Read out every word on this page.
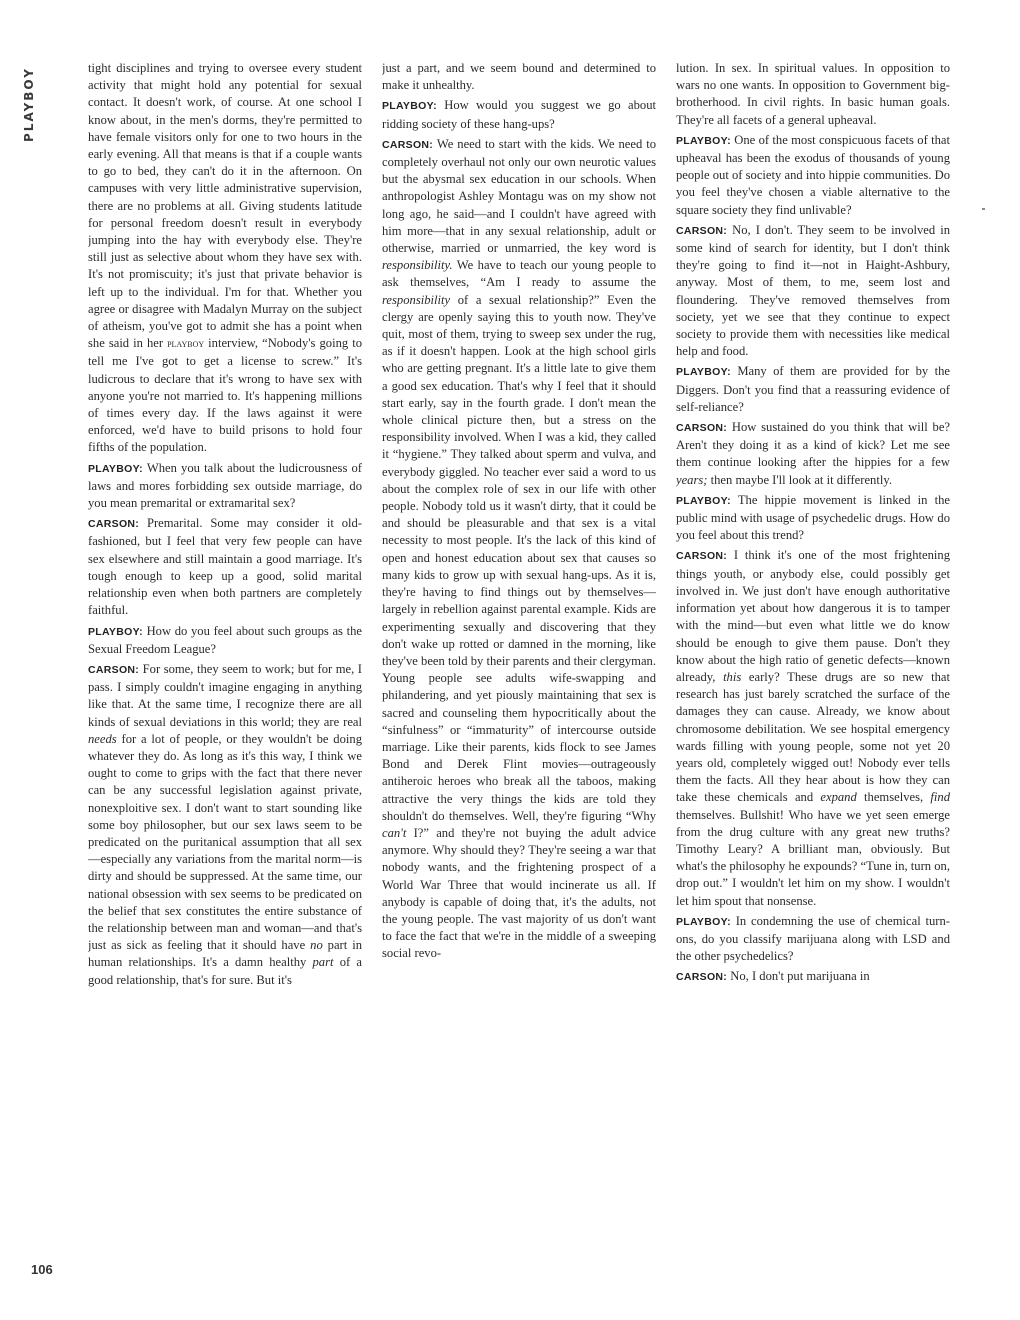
PLAYBOY	tight disciplines and trying to oversee every student activity that might hold any potential for sexual contact. It doesn't work, of course. At one school I know about, in the men's dorms, they're permitted to have female visitors only for one to two hours in the early evening. All that means is that if a couple wants to go to bed, they can't do it in the afternoon. On campuses with very little administrative supervision, there are no problems at all. Giving students latitude for personal freedom doesn't result in everybody jumping into the hay with everybody else. They're still just as selective about whom they have sex with. It's not promiscuity; it's just that private behavior is left up to the individual. I'm for that. Whether you agree or disagree with Madalyn Murray on the subject of atheism, you've got to admit she has a point when she said in her playboy interview, “Nobody's going to tell me I've got to get a license to screw.” It's ludicrous to declare that it's wrong to have sex with anyone you're not married to. It's happening millions of times every day. If the laws against it were enforced, we'd have to build prisons to hold four fifths of the population.

PLAYBOY: When you talk about the ludicrousness of laws and mores forbidding sex outside marriage, do you mean premarital or extramarital sex?

CARSON: Premarital. Some may consider it old-fashioned, but I feel that very few people can have sex elsewhere and still maintain a good marriage. It's tough enough to keep up a good, solid marital relationship even when both partners are completely faithful.

PLAYBOY: How do you feel about such groups as the Sexual Freedom League?

CARSON: For some, they seem to work; but for me, I pass. I simply couldn't imagine engaging in anything like that. At the same time, I recognize there are all kinds of sexual deviations in this world; they are real needs for a lot of people, or they wouldn't be doing whatever they do. As long as it's this way, I think we ought to come to grips with the fact that there never can be any successful legislation against private, nonexploitive sex. I don't want to start sounding like some boy philosopher, but our sex laws seem to be predicated on the puritanical assumption that all sex—especially any variations from the marital norm—is dirty and should be suppressed. At the same time, our national obsession with sex seems to be predicated on the belief that sex constitutes the entire substance of the relationship between man and woman—and that's just as sick as feeling that it should have no part in human relationships. It's a damn healthy part of a good relationship, that's for sure. But it's

just a part, and we seem bound and determined to make it unhealthy.

PLAYBOY: How would you suggest we go about ridding society of these hang-ups?

CARSON: We need to start with the kids. We need to completely overhaul not only our own neurotic values but the abysmal sex education in our schools. When anthropologist Ashley Montagu was on my show not long ago, he said—and I couldn't have agreed with him more—that in any sexual relationship, adult or otherwise, married or unmarried, the key word is responsibility. We have to teach our young people to ask themselves, “Am I ready to assume the responsibility of a sexual relationship?” Even the clergy are openly saying this to youth now. They've quit, most of them, trying to sweep sex under the rug, as if it doesn't happen. Look at the high school girls who are getting pregnant. It's a little late to give them a good sex education. That's why I feel that it should start early, say in the fourth grade. I don't mean the whole clinical picture then, but a stress on the responsibility involved. When I was a kid, they called it “hygiene.” They talked about sperm and vulva, and everybody giggled. No teacher ever said a word to us about the complex role of sex in our life with other people. Nobody told us it wasn't dirty, that it could be and should be pleasurable and that sex is a vital necessity to most people. It's the lack of this kind of open and honest education about sex that causes so many kids to grow up with sexual hang-ups. As it is, they're having to find things out by themselves—largely in rebellion against parental example. Kids are experimenting sexually and discovering that they don't wake up rotted or damned in the morning, like they've been told by their parents and their clergyman. Young people see adults wife-swapping and philandering, and yet piously maintaining that sex is sacred and counseling them hypocritically about the “sinfulness” or “immaturity” of intercourse outside marriage. Like their parents, kids flock to see James Bond and Derek Flint movies—outrageously antiheroic heroes who break all the taboos, making attractive the very things the kids are told they shouldn't do themselves. Well, they're figuring “Why can't I?” and they're not buying the adult advice anymore. Why should they? They're seeing a war that nobody wants, and the frightening prospect of a World War Three that would incinerate us all. If anybody is capable of doing that, it's the adults, not the young people. The vast majority of us don't want to face the fact that we're in the middle of a sweeping social revo-

lution. In sex. In spiritual values. In opposition to wars no one wants. In opposition to Government big-brotherhood. In civil rights. In basic human goals. They're all facets of a general upheaval.

PLAYBOY: One of the most conspicuous facets of that upheaval has been the exodus of thousands of young people out of society and into hippie communities. Do you feel they've chosen a viable alternative to the square society they find unlivable?

CARSON: No, I don't. They seem to be involved in some kind of search for identity, but I don't think they're going to find it—not in Haight-Ashbury, anyway. Most of them, to me, seem lost and floundering. They've removed themselves from society, yet we see that they continue to expect society to provide them with necessities like medical help and food.

PLAYBOY: Many of them are provided for by the Diggers. Don't you find that a reassuring evidence of self-reliance?

CARSON: How sustained do you think that will be? Aren't they doing it as a kind of kick? Let me see them continue looking after the hippies for a few years; then maybe I'll look at it differently.

PLAYBOY: The hippie movement is linked in the public mind with usage of psychedelic drugs. How do you feel about this trend?

CARSON: I think it's one of the most frightening things youth, or anybody else, could possibly get involved in. We just don't have enough authoritative information yet about how dangerous it is to tamper with the mind—but even what little we do know should be enough to give them pause. Don't they know about the high ratio of genetic defects—known already, this early? These drugs are so new that research has just barely scratched the surface of the damages they can cause. Already, we know about chromosome debilitation. We see hospital emergency wards filling with young people, some not yet 20 years old, completely wigged out! Nobody ever tells them the facts. All they hear about is how they can take these chemicals and expand themselves, find themselves. Bullshit! Who have we yet seen emerge from the drug culture with any great new truths? Timothy Leary? A brilliant man, obviously. But what's the philosophy he expounds? “Tune in, turn on, drop out.” I wouldn't let him on my show. I wouldn't let him spout that nonsense.

PLAYBOY: In condemning the use of chemical turn-ons, do you classify marijuana along with LSD and the other psychedelics?

CARSON: No, I don't put marijuana in

106
